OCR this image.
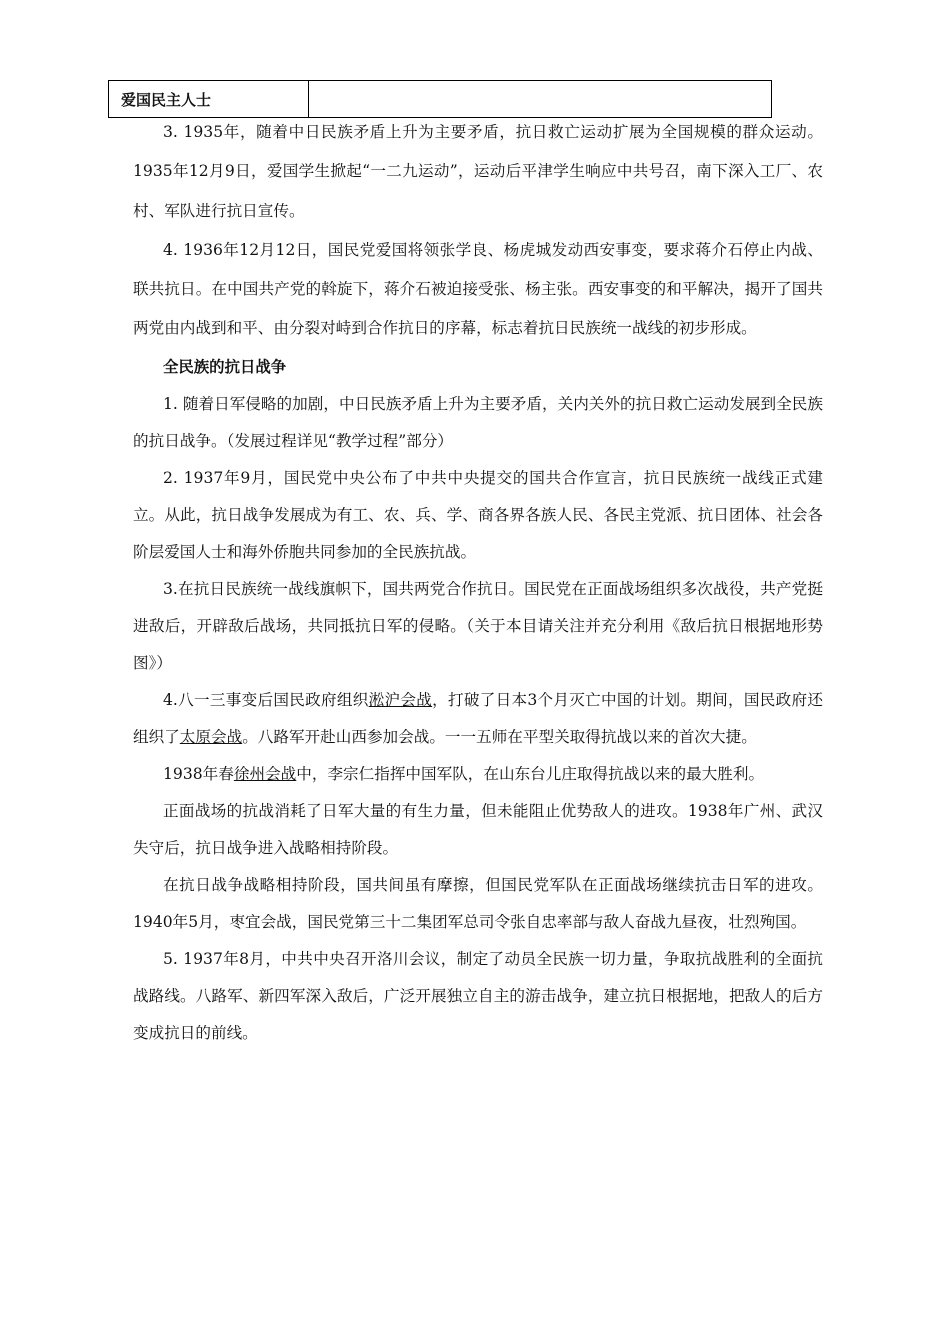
爱国民主人士	

3. 1935年，随着中日民族矛盾上升为主要矛盾，抗日救亡运动扩展为全国规模的群众运动。1935年12月9日，爱国学生掀起“一二九运动”，运动后平津学生响应中共号召，南下深入工厂、农村、军队进行抗日宣传。

4. 1936年12月12日，国民党爱国将领张学良、杨虎城发动西安事变，要求蒋介石停止内战、联共抗日。在中国共产党的斡旋下，蒋介石被迫接受张、杨主张。西安事变的和平解决，揭开了国共两党由内战到和平、由分裂对峙到合作抗日的序幕，标志着抗日民族统一战线的初步形成。

全民族的抗日战争

1. 随着日军侵略的加剧，中日民族矛盾上升为主要矛盾，关内关外的抗日救亡运动发展到全民族的抗日战争。（发展过程详见“教学过程”部分）

2. 1937年9月，国民党中央公布了中共中央提交的国共合作宣言，抗日民族统一战线正式建立。从此，抗日战争发展成为有工、农、兵、学、商各界各族人民、各民主党派、抗日团体、社会各阶层爱国人士和海外侨胞共同参加的全民族抗战。

3.在抗日民族统一战线旗帜下，国共两党合作抗日。国民党在正面战场组织多次战役，共产党挺进敌后，开辟敌后战场，共同抵抗日军的侵略。（关于本目请关注并充分利用《敌后抗日根据地形势图》）

4.八一三事变后国民政府组织淞沪会战，打破了日本3个月灭亡中国的计划。期间，国民政府还组织了太原会战。八路军开赴山西参加会战。一一五师在平型关取得抗战以来的首次大捷。

1938年春徐州会战中，李宗仁指挥中国军队，在山东台儿庄取得抗战以来的最大胜利。

正面战场的抗战消耗了日军大量的有生力量，但未能阻止优势敌人的进攻。1938年广州、武汉失守后，抗日战争进入战略相持阶段。

在抗日战争战略相持阶段，国共间虽有摩擦，但国民党军队在正面战场继续抗击日军的进攻。1940年5月，枣宜会战，国民党第三十二集团军总司令张自忠率部与敌人奋战九昼夜，壮烈殉国。

5. 1937年8月，中共中央召开洛川会议，制定了动员全民族一切力量，争取抗战胜利的全面抗战路线。八路军、新四军深入敌后，广泛开展独立自主的游击战争，建立抗日根据地，把敌人的后方变成抗日的前线。
